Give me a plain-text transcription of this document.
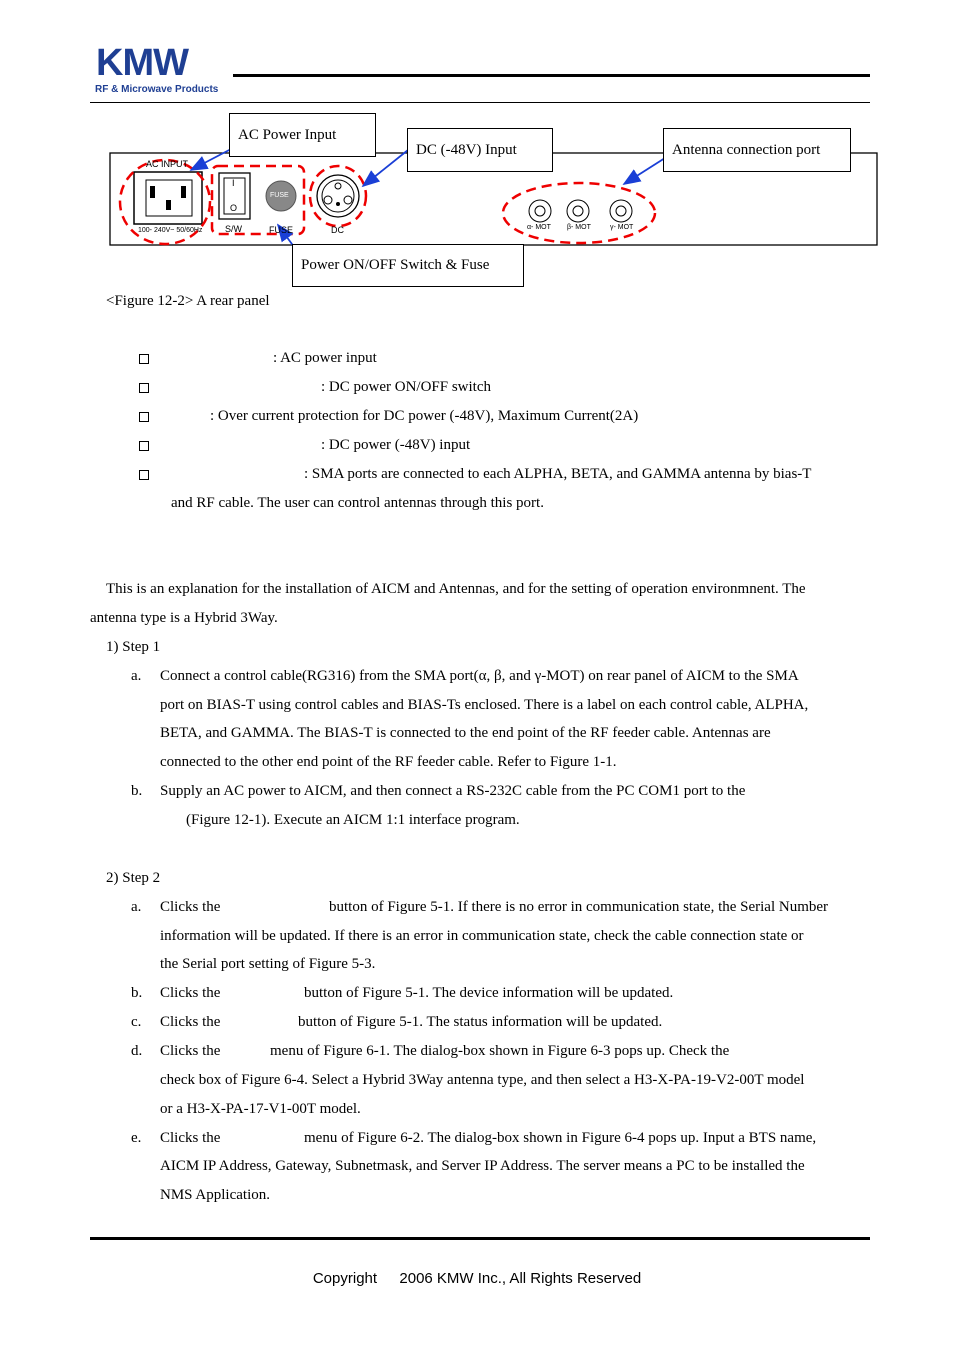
KMW
RF & Microwave Products
AC INPUT
100- 240V~ 50/60Hz
I
O
S/W
FUSE
FUSE	DC	α- MOT β- MOT	γ- MOT
AC Power Input
DC (-48V) Input	Antenna connection port
Power ON/OFF Switch & Fuse
<Figure 12-2> A rear panel
: AC power input
: DC power ON/OFF switch
: Over current protection for DC power (-48V), Maximum Current(2A)
: DC power (-48V) input
: SMA ports are connected to each ALPHA, BETA, and GAMMA antenna by bias-T
and RF cable. The user can control antennas through this port.
This is an explanation for the installation of AICM and Antennas, and for the setting of operation environmnent. The
antenna type is a Hybrid 3Way.
1) Step 1
a. Connect a control cable(RG316) from the SMA port(α, β, and γ-MOT) on rear panel of AICM to the SMA
port on BIAS-T using control cables and BIAS-Ts enclosed. There is a label on each control cable, ALPHA,
BETA, and GAMMA. The BIAS-T is connected to the end point of the RF feeder cable. Antennas are
connected to the other end point of the RF feeder cable. Refer to Figure 1-1.
b. Supply an AC power to AICM, and then connect a RS-232C cable from the PC COM1 port to the
(Figure 12-1). Execute an AICM 1:1 interface program.
2) Step 2
a. Clicks the	button of Figure 5-1. If there is no error in communication state, the Serial Number
information will be updated. If there is an error in communication state, check the cable connection state or
the Serial port setting of Figure 5-3.
b. Clicks the	button of Figure 5-1. The device information will be updated.
c. Clicks the	button of Figure 5-1. The status information will be updated.
d. Clicks the	menu of Figure 6-1. The dialog-box shown in Figure 6-3 pops up. Check the
check box of Figure 6-4. Select a Hybrid 3Way antenna type, and then select a H3-X-PA-19-V2-00T model
or a H3-X-PA-17-V1-00T model.
e. Clicks the	menu of Figure 6-2. The dialog-box shown in Figure 6-4 pops up. Input a BTS name,
AICM IP Address, Gateway, Subnetmask, and Server IP Address. The server means a PC to be installed the
NMS Application.
Copyright 2006 KMW Inc., All Rights Reserved
